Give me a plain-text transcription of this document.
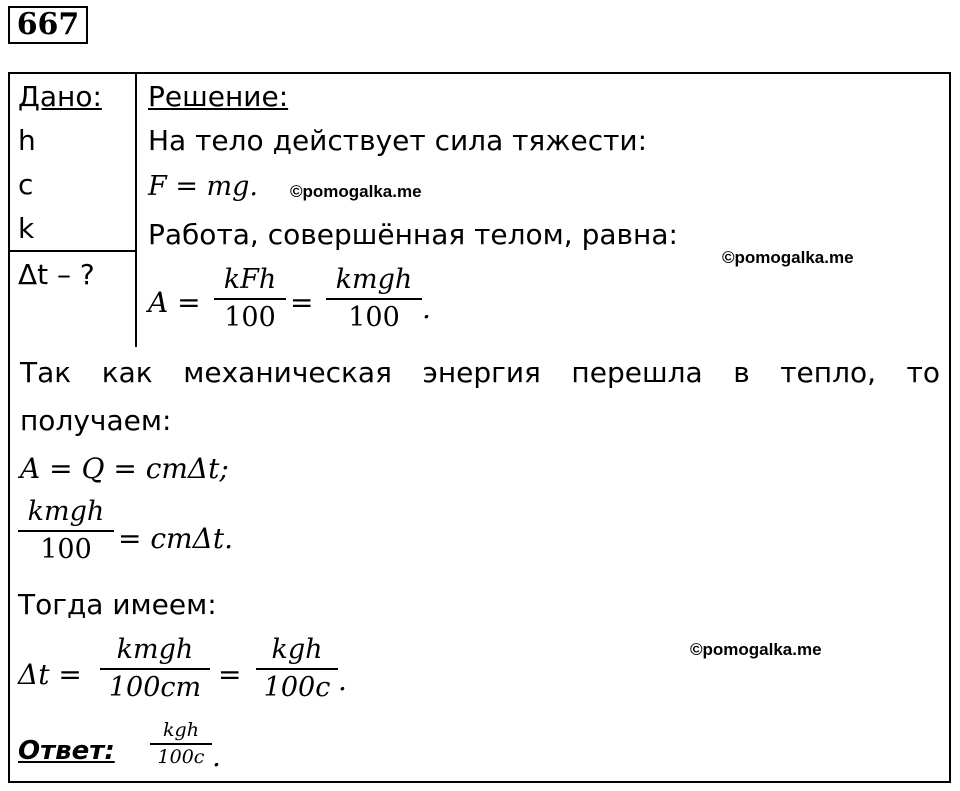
667
Дано:
h
c
k
Δt – ?
Решение:
На тело действует сила тяжести:
F = mg. ©pomogalka.me
Работа, совершённая телом, равна:
©pomogalka.me
A =
kFh
100 =
kmgh
100 .
Так как механическая энергия перешла в тепло, то
получаем:
A = Q = cmΔt;
kmgh
100 = cmΔt.
Тогда имеем:
Δt =
kmgh
100cm =
kgh
100c .
©pomogalka.me
Ответ:
kgh
100c .
